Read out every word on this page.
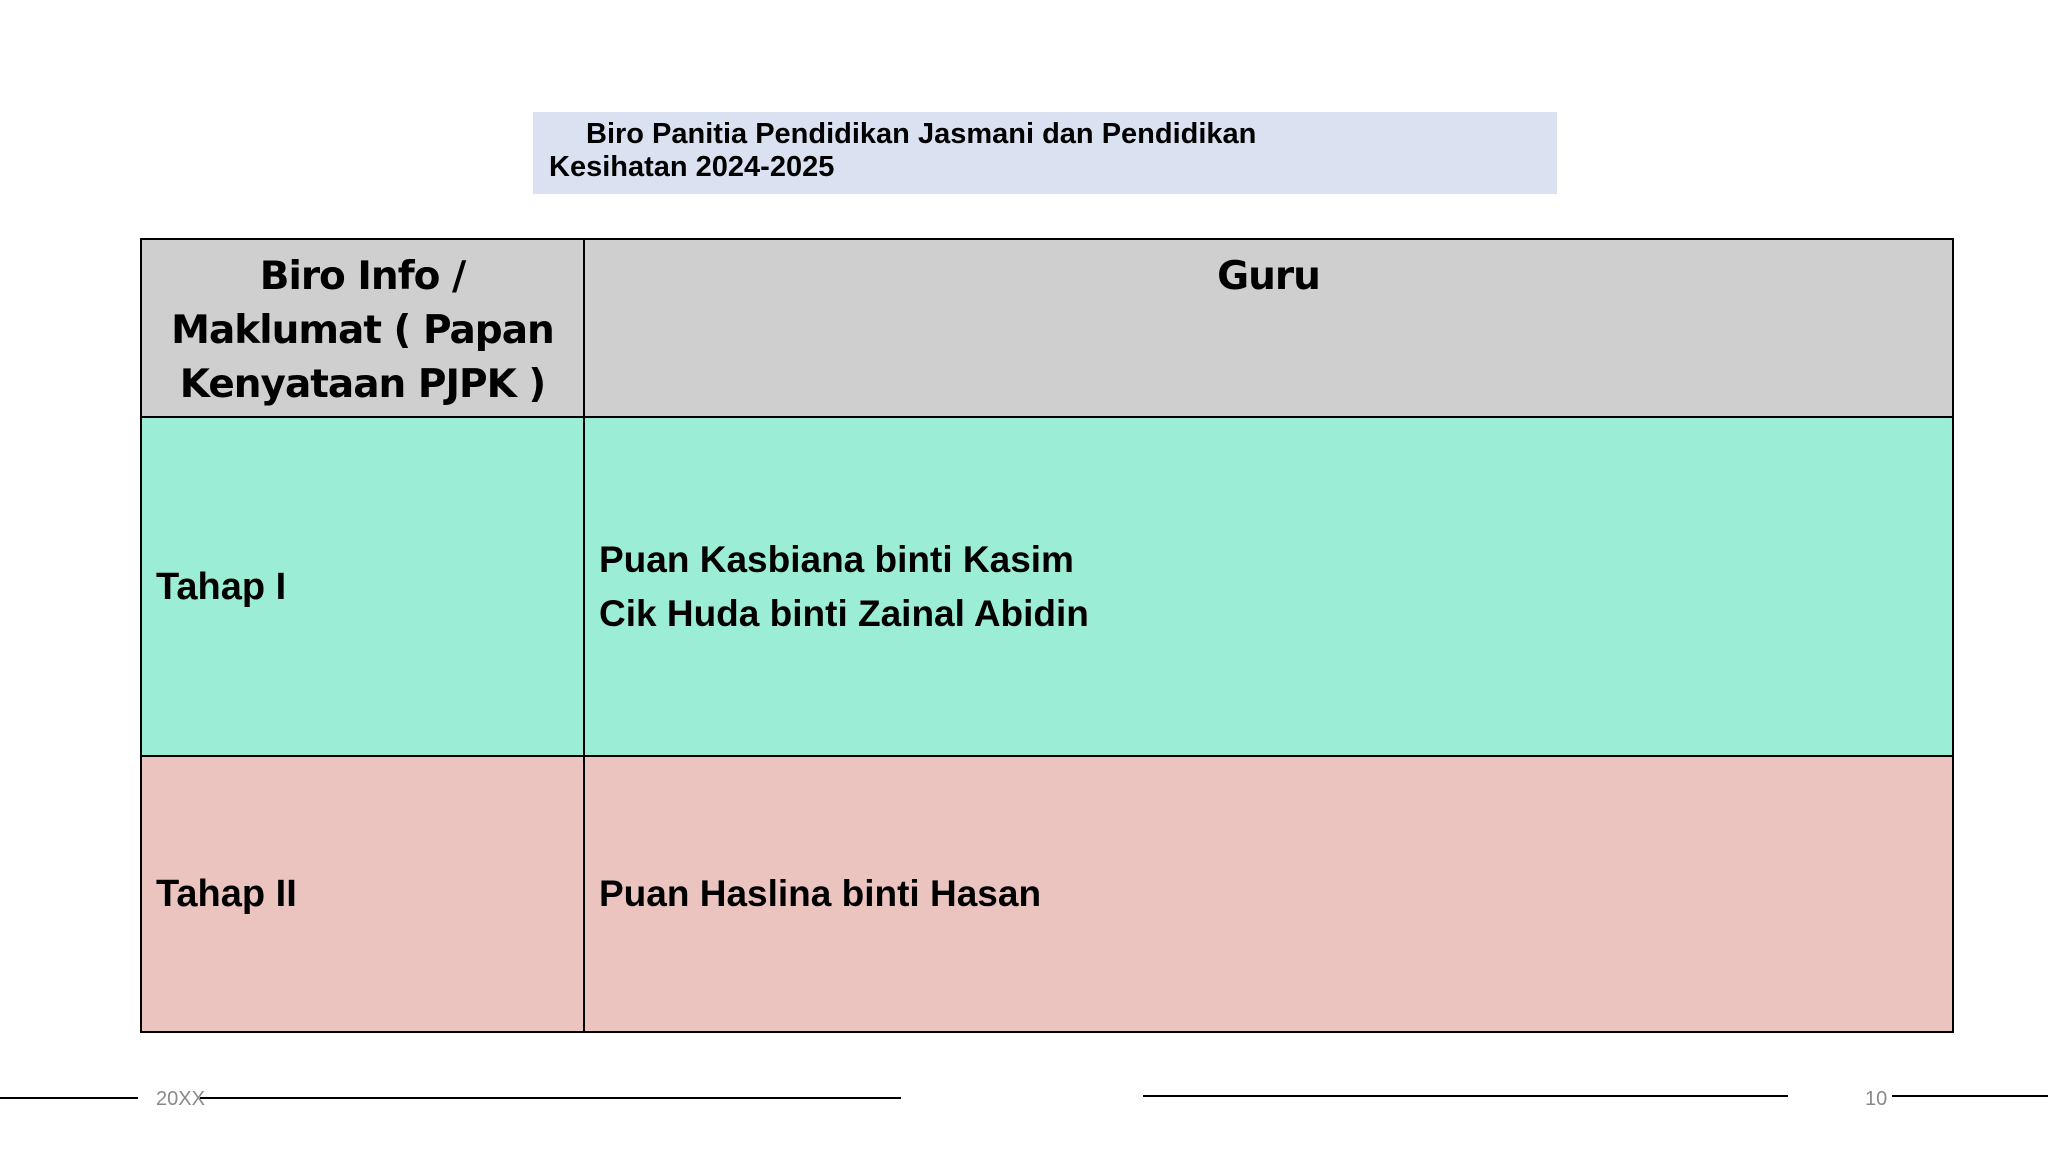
Biro Panitia Pendidikan Jasmani dan Pendidikan
Kesihatan 2024-2025
Biro Info /
Maklumat ( Papan
Kenyataan PJPK )	Guru
Tahap I	Puan Kasbiana binti Kasim
Cik Huda binti Zainal Abidin

Tahap II	Puan Haslina binti Hasan
20XX	10
